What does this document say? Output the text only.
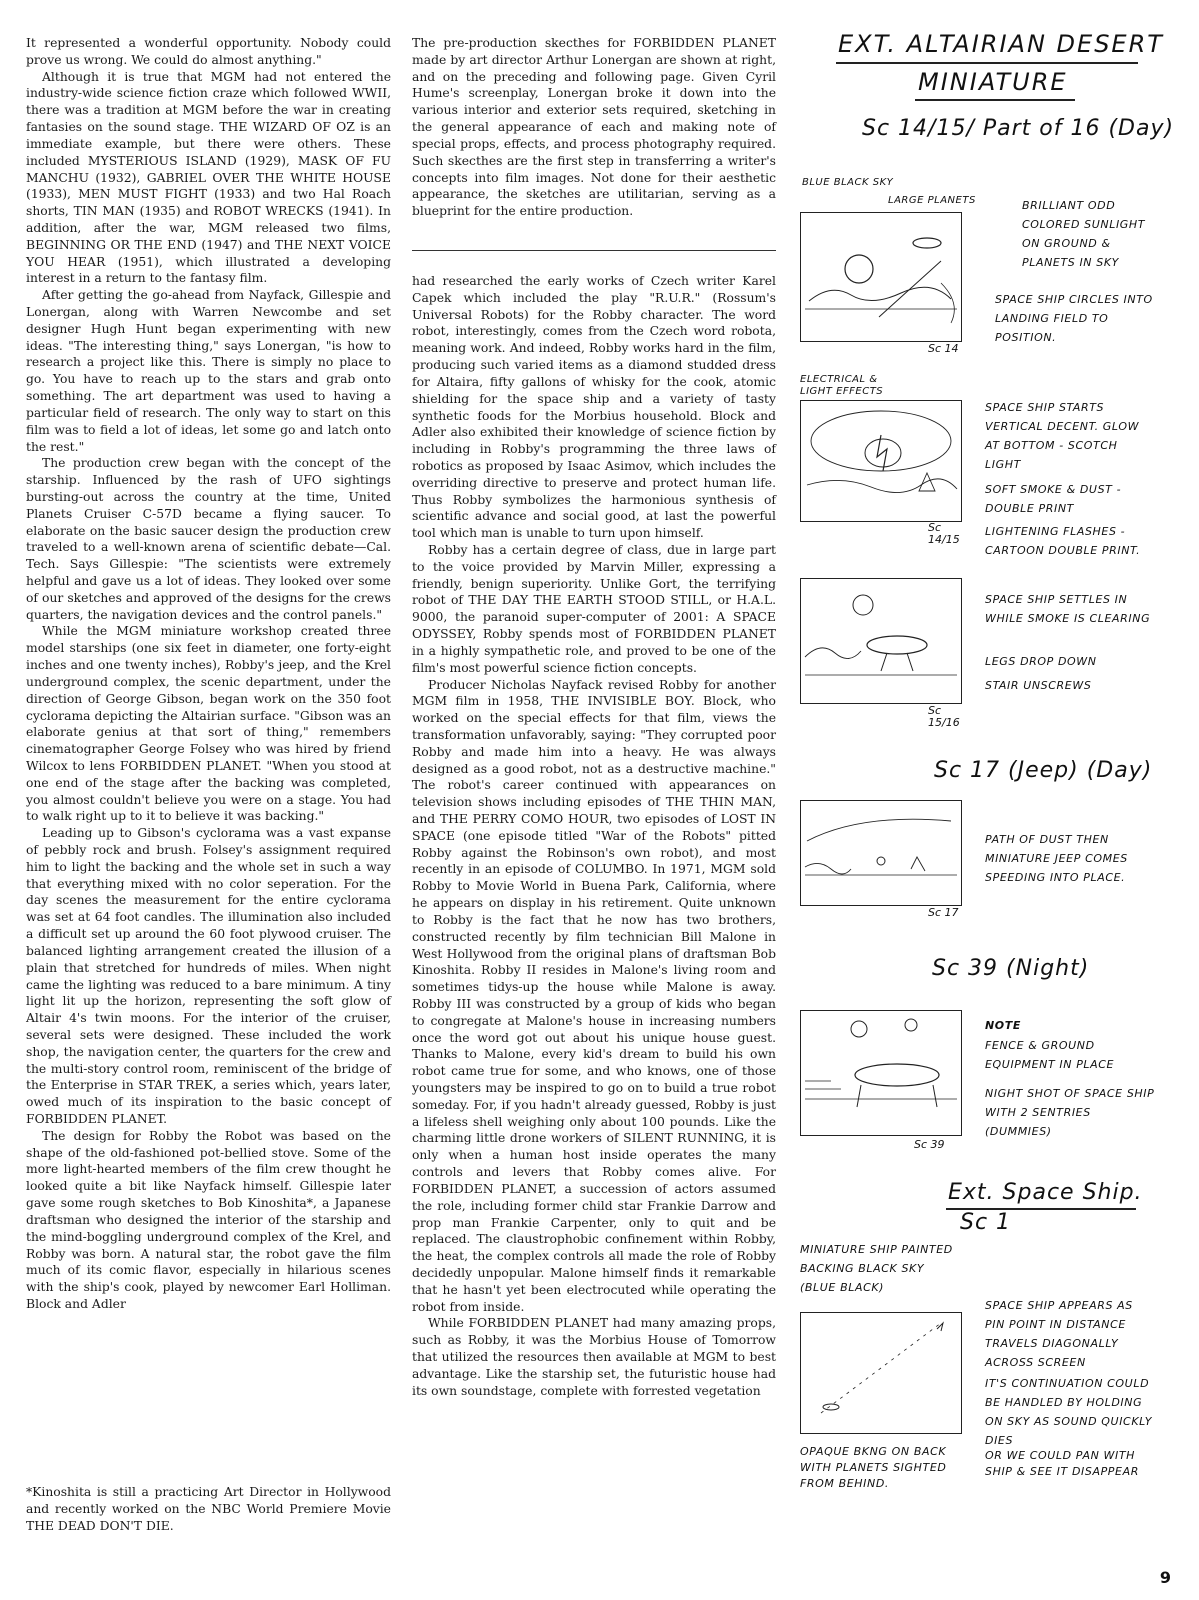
It represented a wonderful opportunity. Nobody could prove us wrong. We could do almost anything."

Although it is true that MGM had not entered the industry-wide science fiction craze which followed WWII, there was a tradition at MGM before the war in creating fantasies on the sound stage. THE WIZARD OF OZ is an immediate example, but there were others. These included MYSTERIOUS ISLAND (1929), MASK OF FU MANCHU (1932), GABRIEL OVER THE WHITE HOUSE (1933), MEN MUST FIGHT (1933) and two Hal Roach shorts, TIN MAN (1935) and ROBOT WRECKS (1941). In addition, after the war, MGM released two films, BEGINNING OR THE END (1947) and THE NEXT VOICE YOU HEAR (1951), which illustrated a developing interest in a return to the fantasy film.

After getting the go-ahead from Nayfack, Gillespie and Lonergan, along with Warren Newcombe and set designer Hugh Hunt began experimenting with new ideas. "The interesting thing," says Lonergan, "is how to research a project like this. There is simply no place to go. You have to reach up to the stars and grab onto something. The art department was used to having a particular field of research. The only way to start on this film was to field a lot of ideas, let some go and latch onto the rest."

The production crew began with the concept of the starship. Influenced by the rash of UFO sightings bursting-out across the country at the time, United Planets Cruiser C-57D became a flying saucer. To elaborate on the basic saucer design the production crew traveled to a well-known arena of scientific debate—Cal. Tech. Says Gillespie: "The scientists were extremely helpful and gave us a lot of ideas. They looked over some of our sketches and approved of the designs for the crews quarters, the navigation devices and the control panels."

While the MGM miniature workshop created three model starships (one six feet in diameter, one forty-eight inches and one twenty inches), Robby's jeep, and the Krel underground complex, the scenic department, under the direction of George Gibson, began work on the 350 foot cyclorama depicting the Altairian surface. "Gibson was an elaborate genius at that sort of thing," remembers cinematographer George Folsey who was hired by friend Wilcox to lens FORBIDDEN PLANET. "When you stood at one end of the stage after the backing was completed, you almost couldn't believe you were on a stage. You had to walk right up to it to believe it was backing."

Leading up to Gibson's cyclorama was a vast expanse of pebbly rock and brush. Folsey's assignment required him to light the backing and the whole set in such a way that everything mixed with no color seperation. For the day scenes the measurement for the entire cyclorama was set at 64 foot candles. The illumination also included a difficult set up around the 60 foot plywood cruiser. The balanced lighting arrangement created the illusion of a plain that stretched for hundreds of miles. When night came the lighting was reduced to a bare minimum. A tiny light lit up the horizon, representing the soft glow of Altair 4's twin moons. For the interior of the cruiser, several sets were designed. These included the work shop, the navigation center, the quarters for the crew and the multi-story control room, reminiscent of the bridge of the Enterprise in STAR TREK, a series which, years later, owed much of its inspiration to the basic concept of FORBIDDEN PLANET.

The design for Robby the Robot was based on the shape of the old-fashioned pot-bellied stove. Some of the more light-hearted members of the film crew thought he looked quite a bit like Nayfack himself. Gillespie later gave some rough sketches to Bob Kinoshita*, a Japanese draftsman who designed the interior of the starship and the mind-boggling underground complex of the Krel, and Robby was born. A natural star, the robot gave the film much of its comic flavor, especially in hilarious scenes with the ship's cook, played by newcomer Earl Holliman. Block and Adler

*Kinoshita is still a practicing Art Director in Hollywood and recently worked on the NBC World Premiere Movie THE DEAD DON'T DIE.

The pre-production skecthes for FORBIDDEN PLANET made by art director Arthur Lonergan are shown at right, and on the preceding and following page. Given Cyril Hume's screenplay, Lonergan broke it down into the various interior and exterior sets required, sketching in the general appearance of each and making note of special props, effects, and process photography required. Such skecthes are the first step in transferring a writer's concepts into film images. Not done for their aesthetic appearance, the sketches are utilitarian, serving as a blueprint for the entire production.

had researched the early works of Czech writer Karel Capek which included the play "R.U.R." (Rossum's Universal Robots) for the Robby character. The word robot, interestingly, comes from the Czech word robota, meaning work. And indeed, Robby works hard in the film, producing such varied items as a diamond studded dress for Altaira, fifty gallons of whisky for the cook, atomic shielding for the space ship and a variety of tasty synthetic foods for the Morbius household. Block and Adler also exhibited their knowledge of science fiction by including in Robby's programming the three laws of robotics as proposed by Isaac Asimov, which includes the overriding directive to preserve and protect human life. Thus Robby symbolizes the harmonious synthesis of scientific advance and social good, at last the powerful tool which man is unable to turn upon himself.

Robby has a certain degree of class, due in large part to the voice provided by Marvin Miller, expressing a friendly, benign superiority. Unlike Gort, the terrifying robot of THE DAY THE EARTH STOOD STILL, or H.A.L. 9000, the paranoid super-computer of 2001: A SPACE ODYSSEY, Robby spends most of FORBIDDEN PLANET in a highly sympathetic role, and proved to be one of the film's most powerful science fiction concepts.

Producer Nicholas Nayfack revised Robby for another MGM film in 1958, THE INVISIBLE BOY. Block, who worked on the special effects for that film, views the transformation unfavorably, saying: "They corrupted poor Robby and made him into a heavy. He was always designed as a good robot, not as a destructive machine." The robot's career continued with appearances on television shows including episodes of THE THIN MAN, and THE PERRY COMO HOUR, two episodes of LOST IN SPACE (one episode titled "War of the Robots" pitted Robby against the Robinson's own robot), and most recently in an episode of COLUMBO. In 1971, MGM sold Robby to Movie World in Buena Park, California, where he appears on display in his retirement. Quite unknown to Robby is the fact that he now has two brothers, constructed recently by film technician Bill Malone in West Hollywood from the original plans of draftsman Bob Kinoshita. Robby II resides in Malone's living room and sometimes tidys-up the house while Malone is away. Robby III was constructed by a group of kids who began to congregate at Malone's house in increasing numbers once the word got out about his unique house guest. Thanks to Malone, every kid's dream to build his own robot came true for some, and who knows, one of those youngsters may be inspired to go on to build a true robot someday. For, if you hadn't already guessed, Robby is just a lifeless shell weighing only about 100 pounds. Like the charming little drone workers of SILENT RUNNING, it is only when a human host inside operates the many controls and levers that Robby comes alive. For FORBIDDEN PLANET, a succession of actors assumed the role, including former child star Frankie Darrow and prop man Frankie Carpenter, only to quit and be replaced. The claustrophobic confinement within Robby, the heat, the complex controls all made the role of Robby decidedly unpopular. Malone himself finds it remarkable that he hasn't yet been electrocuted while operating the robot from inside.

While FORBIDDEN PLANET had many amazing props, such as Robby, it was the Morbius House of Tomorrow that utilized the resources then available at MGM to best advantage. Like the starship set, the futuristic house had its own soundstage, complete with forrested vegetation

EXT. ALTAIRIAN DESERT
MINIATURE
Sc 14/15/ Part of 16 (Day)
BLUE BLACK SKY
LARGE PLANETS	BRILLIANT ODD COLORED SUNLIGHT ON GROUND & PLANETS IN SKY
Sc 14
SPACE SHIP CIRCLES INTO LANDING FIELD TO POSITION.
ELECTRICAL & LIGHT EFFECTS
Sc 14/15
SPACE SHIP STARTS VERTICAL DECENT. GLOW AT BOTTOM - SCOTCH LIGHT
SOFT SMOKE & DUST - DOUBLE PRINT
LIGHTENING FLASHES - CARTOON DOUBLE PRINT.
Sc 15/16
SPACE SHIP SETTLES IN WHILE SMOKE IS CLEARING
LEGS DROP DOWN
STAIR UNSCREWS
Sc 17 (Jeep) (Day)
Sc 17
PATH OF DUST THEN MINIATURE JEEP COMES SPEEDING INTO PLACE.
Sc 39 (Night)
Sc 39
NOTE
FENCE & GROUND EQUIPMENT IN PLACE
NIGHT SHOT OF SPACE SHIP WITH 2 SENTRIES (DUMMIES)
Ext. Space Ship.
Sc 1
MINIATURE SHIP PAINTED BACKING BLACK SKY (BLUE BLACK)
SPACE SHIP APPEARS AS PIN POINT IN DISTANCE TRAVELS DIAGONALLY ACROSS SCREEN
IT'S CONTINUATION COULD BE HANDLED BY HOLDING ON SKY AS SOUND QUICKLY DIES
OPAQUE BKNG ON BACK WITH PLANETS SIGHTED FROM BEHIND.
OR WE COULD PAN WITH SHIP & SEE IT DISAPPEAR
9
